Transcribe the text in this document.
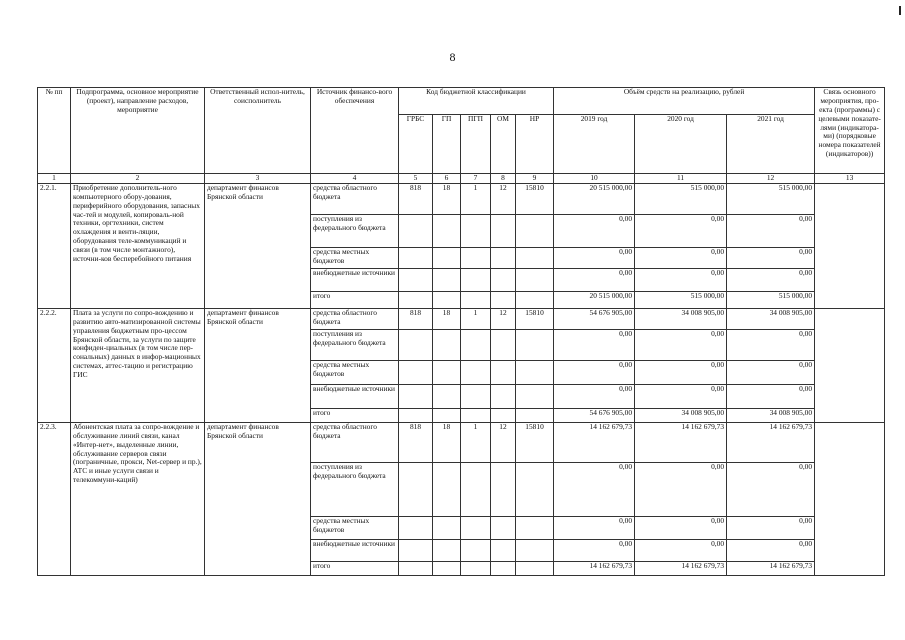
8
№ пп	Подпрограмма, основное мероприятие (проект), направление расходов, мероприятие	Ответственный испол-нитель, соисполнитель	Источник финансо-вого обеспечения	Код бюджетной классификации					Объём средств на реализацию, рублей			Связь основного мероприятия, про-екта (программы) с целевыми показате-лями (индикатора-ми) (порядковые номера показателей (индикаторов))
				ГРБС	ГП	ПГП	ОМ	НР	2019 год	2020 год	2021 год	
1	2	3	4	5	6	7	8	9	10	11	12	13
2.2.1.	Приобретение дополнитель-ного компьютерного обору-дования, периферийного оборудования, запасных час-тей и модулей, копироваль-ной техники, оргтехники, систем охлаждения и венти-ляции, оборудования теле-коммуникаций и связи (в том числе монтажного), источни-ков бесперебойного питания	департамент финансов Брянской области	средства областного бюджета	818	18	1	12	15810	20 515 000,00	515 000,00	515 000,00	
			поступления из федерального бюджета						0,00	0,00	0,00	
			средства местных бюджетов						0,00	0,00	0,00	
			внебюджетные источники						0,00	0,00	0,00	
			итого						20 515 000,00	515 000,00	515 000,00	
2.2.2.	Плата за услуги по сопро-вождению и развитию авто-матизированной системы управления бюджетным про-цессом Брянской области, за услуги по защите конфиден-циальных (в том числе пер-сональных) данных в инфор-мационных системах, аттес-тацию и регистрацию ГИС	департамент финансов Брянской области	средства областного бюджета	818	18	1	12	15810	54 676 905,00	34 008 905,00	34 008 905,00	
			поступления из федерального бюджета						0,00	0,00	0,00	
			средства местных бюджетов						0,00	0,00	0,00	
			внебюджетные источники						0,00	0,00	0,00	
			итого						54 676 905,00	34 008 905,00	34 008 905,00	
2.2.3.	Абонентская плата за сопро-вождение и обслуживание линий связи, канал «Интер-нет», выделенные линии, обслуживание серверов связи (пограничные, прокси, Net-сервер и пр.), АТС и иные услуги связи и телекоммуни-каций)	департамент финансов Брянской области	средства областного бюджета	818	18	1	12	15810	14 162 679,73	14 162 679,73	14 162 679,73	
			поступления из федерального бюджета						0,00	0,00	0,00	
			средства местных бюджетов						0,00	0,00	0,00	
			внебюджетные источники						0,00	0,00	0,00	
			итого						14 162 679,73	14 162 679,73	14 162 679,73	
